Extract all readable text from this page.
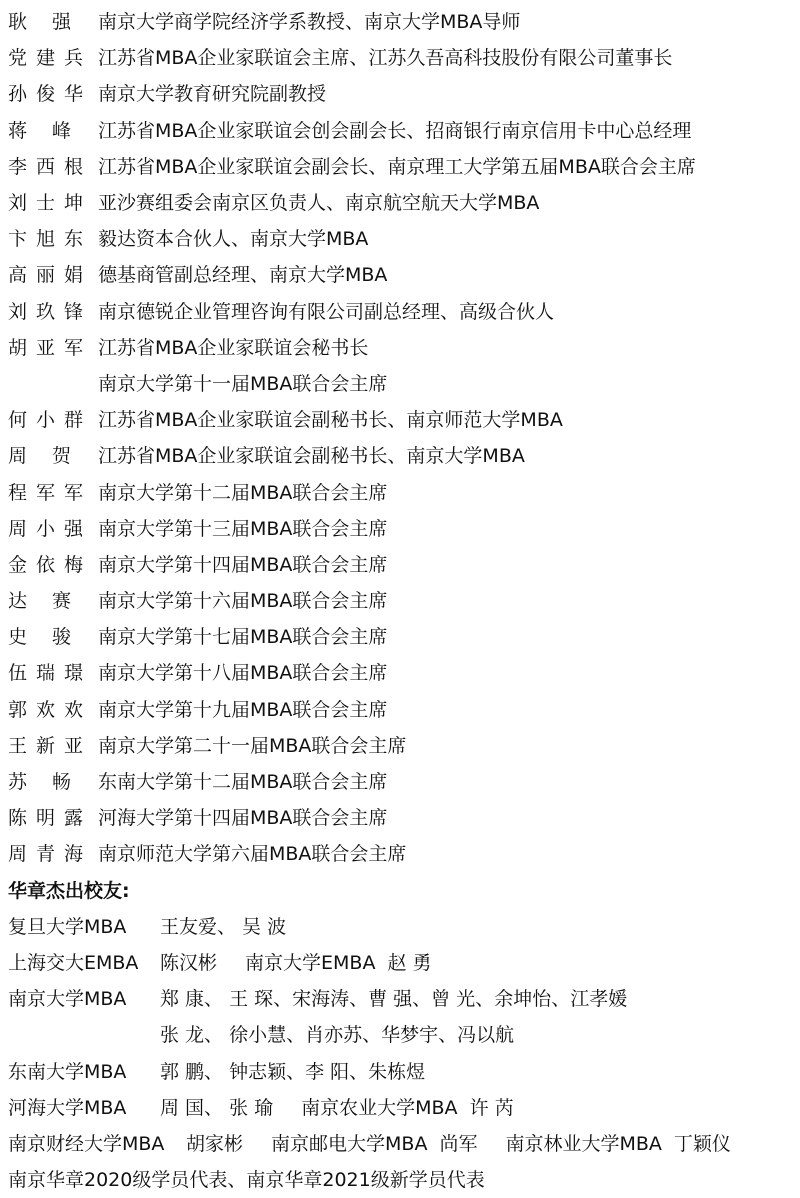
耿	强 南京大学商学院经济学系教授、南京大学MBA导师
党 建 兵 江苏省MBA企业家联谊会主席、江苏久吾高科技股份有限公司董事长
孙 俊 华 南京大学教育研究院副教授
蒋	峰 江苏省MBA企业家联谊会创会副会长、招商银行南京信用卡中心总经理
李 西 根 江苏省MBA企业家联谊会副会长、南京理工大学第五届MBA联合会主席
刘 士 坤 亚沙赛组委会南京区负责人、南京航空航天大学MBA
卞 旭 东 毅达资本合伙人、南京大学MBA
高 丽 娟 德基商管副总经理、南京大学MBA
刘 玖 锋 南京德锐企业管理咨询有限公司副总经理、高级合伙人
胡 亚 军 江苏省MBA企业家联谊会秘书长
南京大学第十一届MBA联合会主席
何 小 群 江苏省MBA企业家联谊会副秘书长、南京师范大学MBA
周	贺 江苏省MBA企业家联谊会副秘书长、南京大学MBA
程 军 军 南京大学第十二届MBA联合会主席
周 小 强 南京大学第十三届MBA联合会主席
金 依 梅 南京大学第十四届MBA联合会主席
达	赛 南京大学第十六届MBA联合会主席
史	骏 南京大学第十七届MBA联合会主席
伍 瑞 璟 南京大学第十八届MBA联合会主席
郭 欢 欢 南京大学第十九届MBA联合会主席
王 新 亚 南京大学第二十一届MBA联合会主席
苏	畅 东南大学第十二届MBA联合会主席
陈 明 露 河海大学第十四届MBA联合会主席
周 青 海 南京师范大学第六届MBA联合会主席
华章杰出校友:
复旦大学MBA	王友爱、 吴 波
上海交大EMBA	陈汉彬 南京大学EMBA 赵 勇
南京大学MBA	郑 康、 王 琛、宋海涛、曹 强、曾 光、余坤怡、江孝媛
张 龙、 徐小慧、肖亦苏、华梦宇、冯以航
东南大学MBA	郭 鹏、 钟志颖、李 阳、朱栋煜
河海大学MBA	周 国、 张 瑜 南京农业大学MBA 许 芮
南京财经大学MBA	胡家彬 南京邮电大学MBA 尚军 南京林业大学MBA 丁颖仪
南京华章2020级学员代表、南京华章2021级新学员代表
